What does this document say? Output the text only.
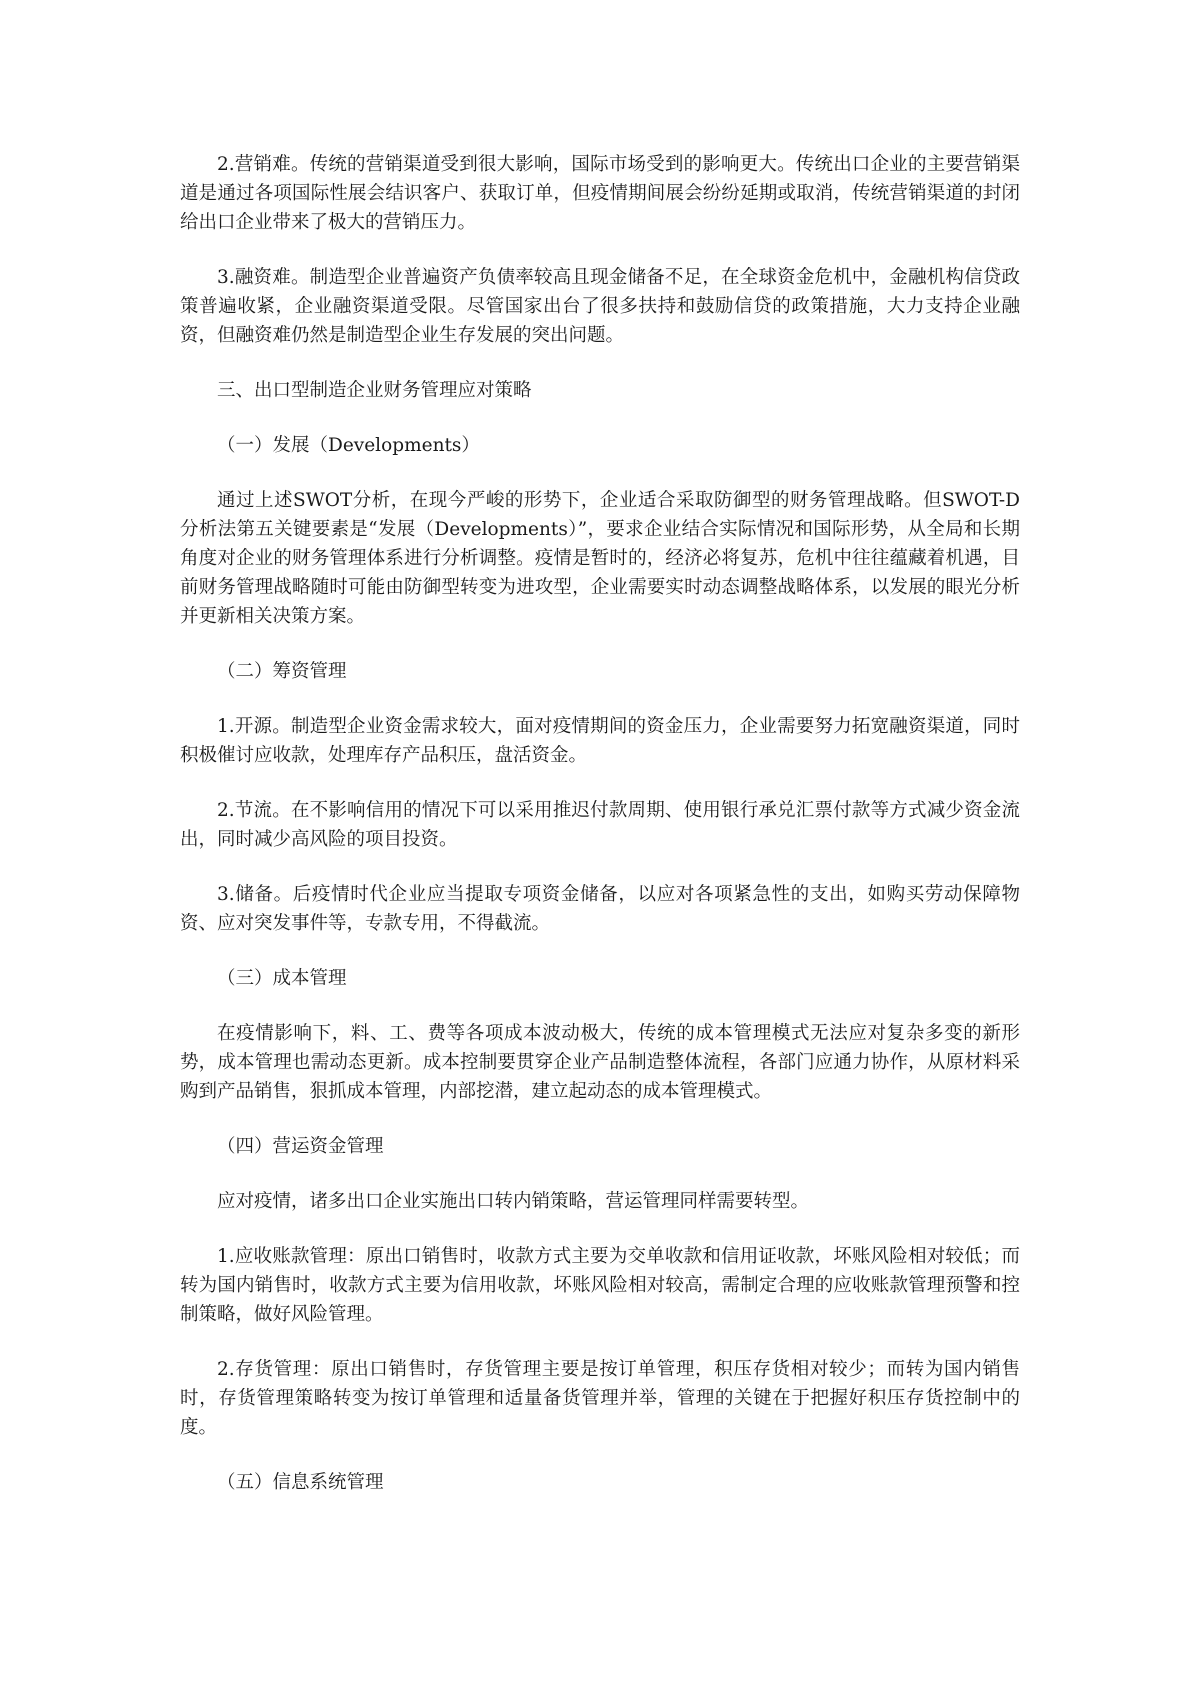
2.营销难。传统的营销渠道受到很大影响，国际市场受到的影响更大。传统出口企业的主要营销渠道是通过各项国际性展会结识客户、获取订单，但疫情期间展会纷纷延期或取消，传统营销渠道的封闭给出口企业带来了极大的营销压力。

3.融资难。制造型企业普遍资产负债率较高且现金储备不足，在全球资金危机中，金融机构信贷政策普遍收紧，企业融资渠道受限。尽管国家出台了很多扶持和鼓励信贷的政策措施，大力支持企业融资，但融资难仍然是制造型企业生存发展的突出问题。

三、出口型制造企业财务管理应对策略

（一）发展（Developments）

通过上述SWOT分析，在现今严峻的形势下，企业适合采取防御型的财务管理战略。但SWOT-D 分析法第五关键要素是“发展（Developments）”，要求企业结合实际情况和国际形势，从全局和长期角度对企业的财务管理体系进行分析调整。疫情是暂时的，经济必将复苏，危机中往往蕴藏着机遇，目前财务管理战略随时可能由防御型转变为进攻型，企业需要实时动态调整战略体系，以发展的眼光分析并更新相关决策方案。

（二）筹资管理

1.开源。制造型企业资金需求较大，面对疫情期间的资金压力，企业需要努力拓宽融资渠道，同时积极催讨应收款，处理库存产品积压，盘活资金。

2.节流。在不影响信用的情况下可以采用推迟付款周期、使用银行承兑汇票付款等方式减少资金流出，同时减少高风险的项目投资。

3.储备。后疫情时代企业应当提取专项资金储备，以应对各项紧急性的支出，如购买劳动保障物资、应对突发事件等，专款专用，不得截流。

（三）成本管理

在疫情影响下，料、工、费等各项成本波动极大，传统的成本管理模式无法应对复杂多变的新形势，成本管理也需动态更新。成本控制要贯穿企业产品制造整体流程，各部门应通力协作，从原材料采购到产品销售，狠抓成本管理，内部挖潜，建立起动态的成本管理模式。

（四）营运资金管理

应对疫情，诸多出口企业实施出口转内销策略，营运管理同样需要转型。

1.应收账款管理：原出口销售时，收款方式主要为交单收款和信用证收款，坏账风险相对较低；而转为国内销售时，收款方式主要为信用收款，坏账风险相对较高，需制定合理的应收账款管理预警和控制策略，做好风险管理。

2.存货管理：原出口销售时，存货管理主要是按订单管理，积压存货相对较少；而转为国内销售时，存货管理策略转变为按订单管理和适量备货管理并举，管理的关键在于把握好积压存货控制中的度。

（五）信息系统管理
